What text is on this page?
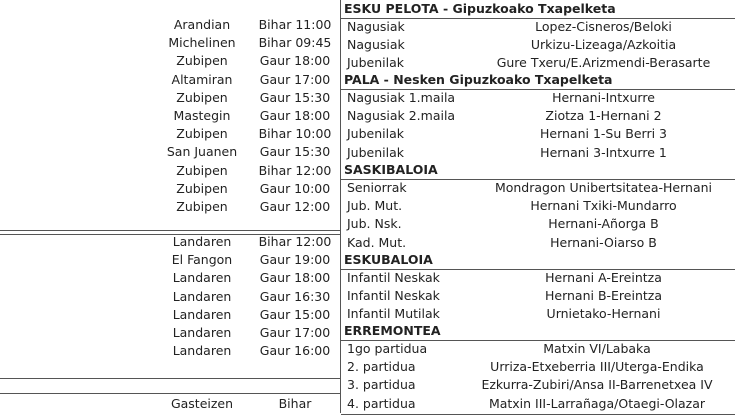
Arandian	Bihar 11:00
Michelinen	Bihar 09:45
Zubipen	Gaur 18:00
Altamiran	Gaur 17:00
Zubipen	Gaur 15:30
Mastegin	Gaur 18:00
Zubipen	Bihar 10:00
San Juanen	Gaur 15:30
Zubipen	Bihar 12:00
Zubipen	Gaur 10:00
Zubipen	Gaur 12:00
Landaren	Bihar 12:00
El Fangon	Gaur 19:00
Landaren	Gaur 18:00
Landaren	Gaur 16:30
Landaren	Gaur 15:00
Landaren	Gaur 17:00
Landaren	Gaur 16:00
Gasteizen	Bihar
ESKU PELOTA - Gipuzkoako Txapelketa
Nagusiak	Lopez-Cisneros/Beloki
Nagusiak	Urkizu-Lizeaga/Azkoitia
Jubenilak	Gure Txeru/E.Arizmendi-Berasarte
PALA - Nesken Gipuzkoako Txapelketa
Nagusiak 1.maila	Hernani-Intxurre
Nagusiak 2.maila	Ziotza 1-Hernani 2
Jubenilak	Hernani 1-Su Berri 3
Jubenilak	Hernani 3-Intxurre 1
SASKIBALOIA
Seniorrak	Mondragon Unibertsitatea-Hernani
Jub. Mut.	Hernani Txiki-Mundarro
Jub. Nsk.	Hernani-Añorga B
Kad. Mut.	Hernani-Oiarso B
ESKUBALOIA
Infantil Neskak	Hernani A-Ereintza
Infantil Neskak	Hernani B-Ereintza
Infantil Mutilak	Urnietako-Hernani
ERREMONTEA
1go partidua	Matxin VI/Labaka
2. partidua	Urriza-Etxeberria III/Uterga-Endika
3. partidua	Ezkurra-Zubiri/Ansa II-Barrenetxea IV
4. partidua	Matxin III-Larrañaga/Otaegi-Olazar
